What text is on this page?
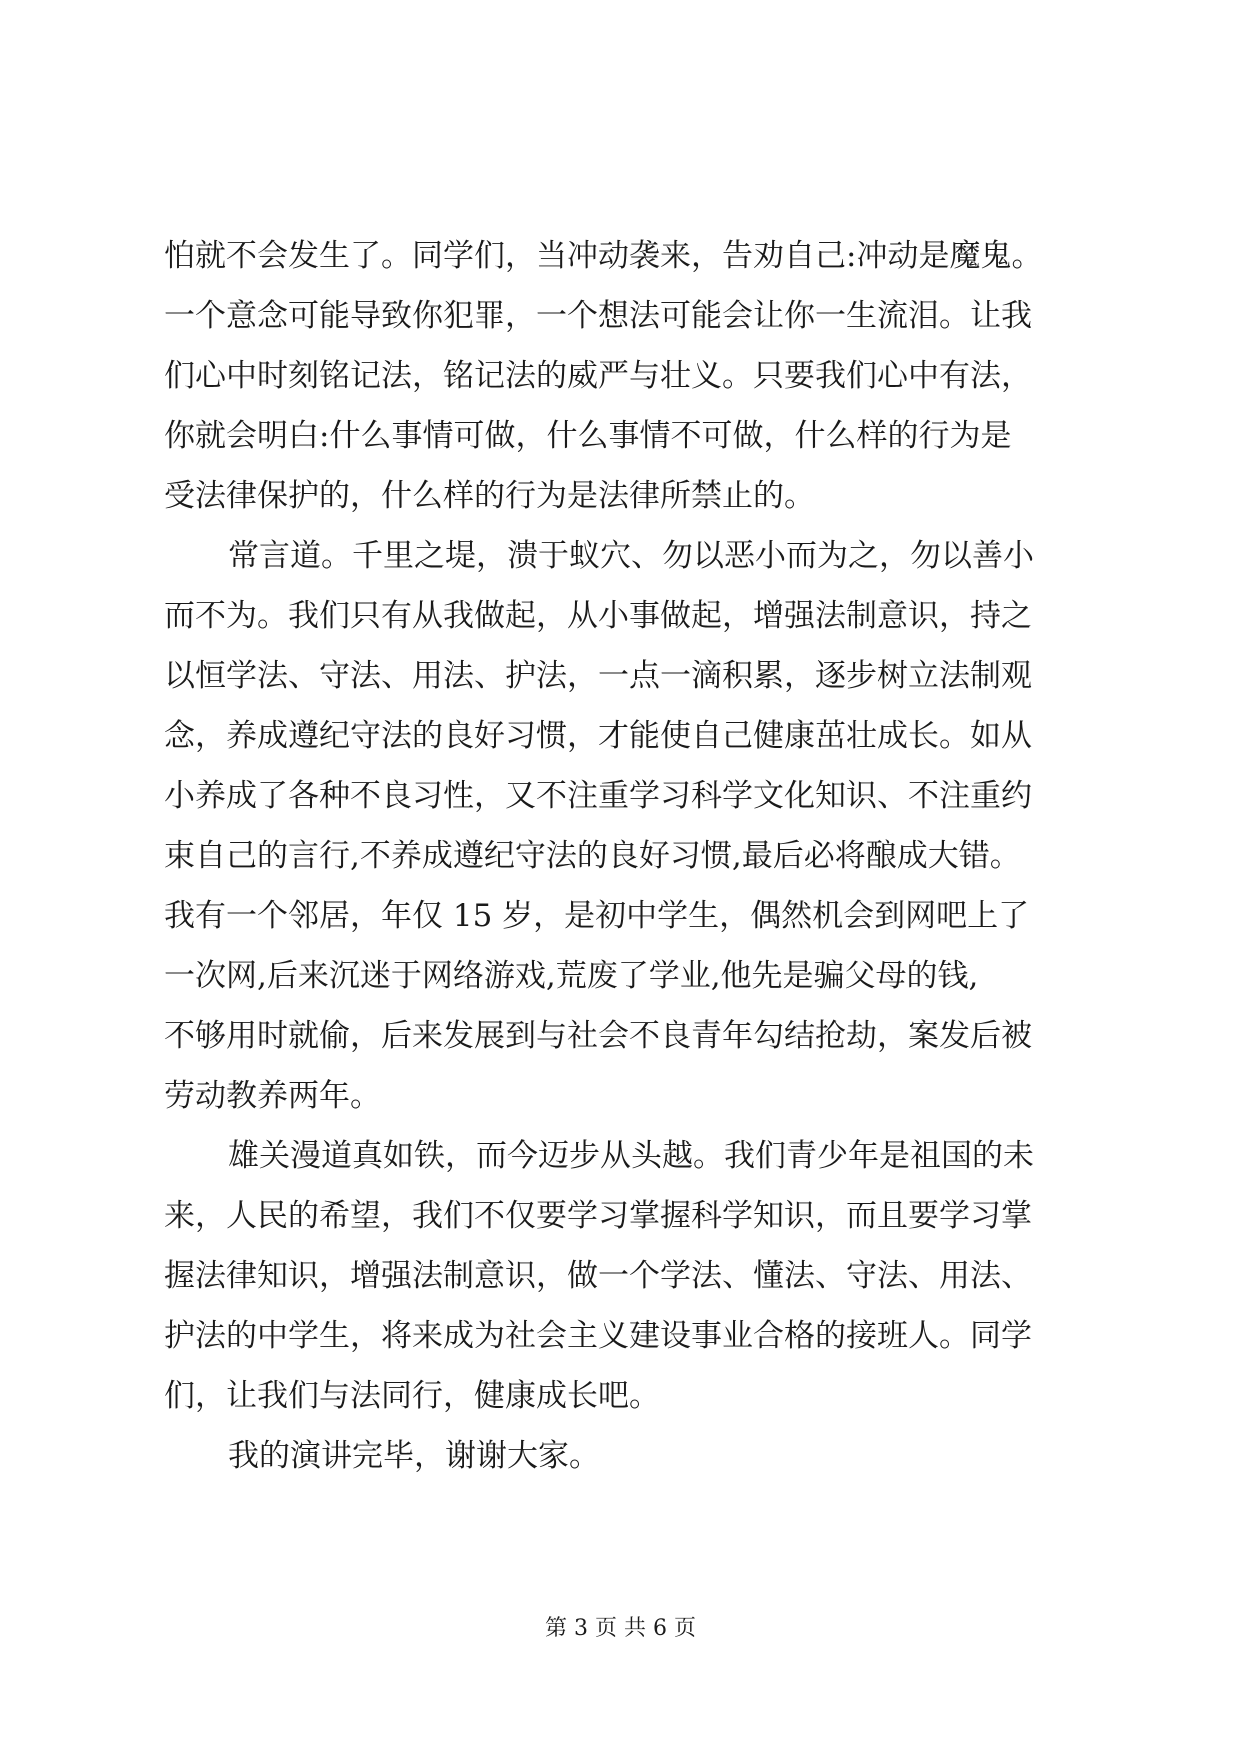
怕就不会发生了。同学们，当冲动袭来，告劝自己:冲动是魔鬼。
一个意念可能导致你犯罪，一个想法可能会让你一生流泪。让我
们心中时刻铭记法，铭记法的威严与壮义。只要我们心中有法，
你就会明白:什么事情可做，什么事情不可做，什么样的行为是
受法律保护的，什么样的行为是法律所禁止的。
常言道。千里之堤，溃于蚁穴、勿以恶小而为之，勿以善小
而不为。我们只有从我做起，从小事做起，增强法制意识，持之
以恒学法、守法、用法、护法，一点一滴积累，逐步树立法制观
念，养成遵纪守法的良好习惯，才能使自己健康茁壮成长。如从
小养成了各种不良习性，又不注重学习科学文化知识、不注重约
束自己的言行,不养成遵纪守法的良好习惯,最后必将酿成大错。
我有一个邻居，年仅 15 岁，是初中学生，偶然机会到网吧上了
一次网,后来沉迷于网络游戏,荒废了学业,他先是骗父母的钱,
不够用时就偷，后来发展到与社会不良青年勾结抢劫，案发后被
劳动教养两年。
雄关漫道真如铁，而今迈步从头越。我们青少年是祖国的未
来，人民的希望，我们不仅要学习掌握科学知识，而且要学习掌
握法律知识，增强法制意识，做一个学法、懂法、守法、用法、
护法的中学生，将来成为社会主义建设事业合格的接班人。同学
们，让我们与法同行，健康成长吧。
我的演讲完毕，谢谢大家。
第 3 页 共 6 页
